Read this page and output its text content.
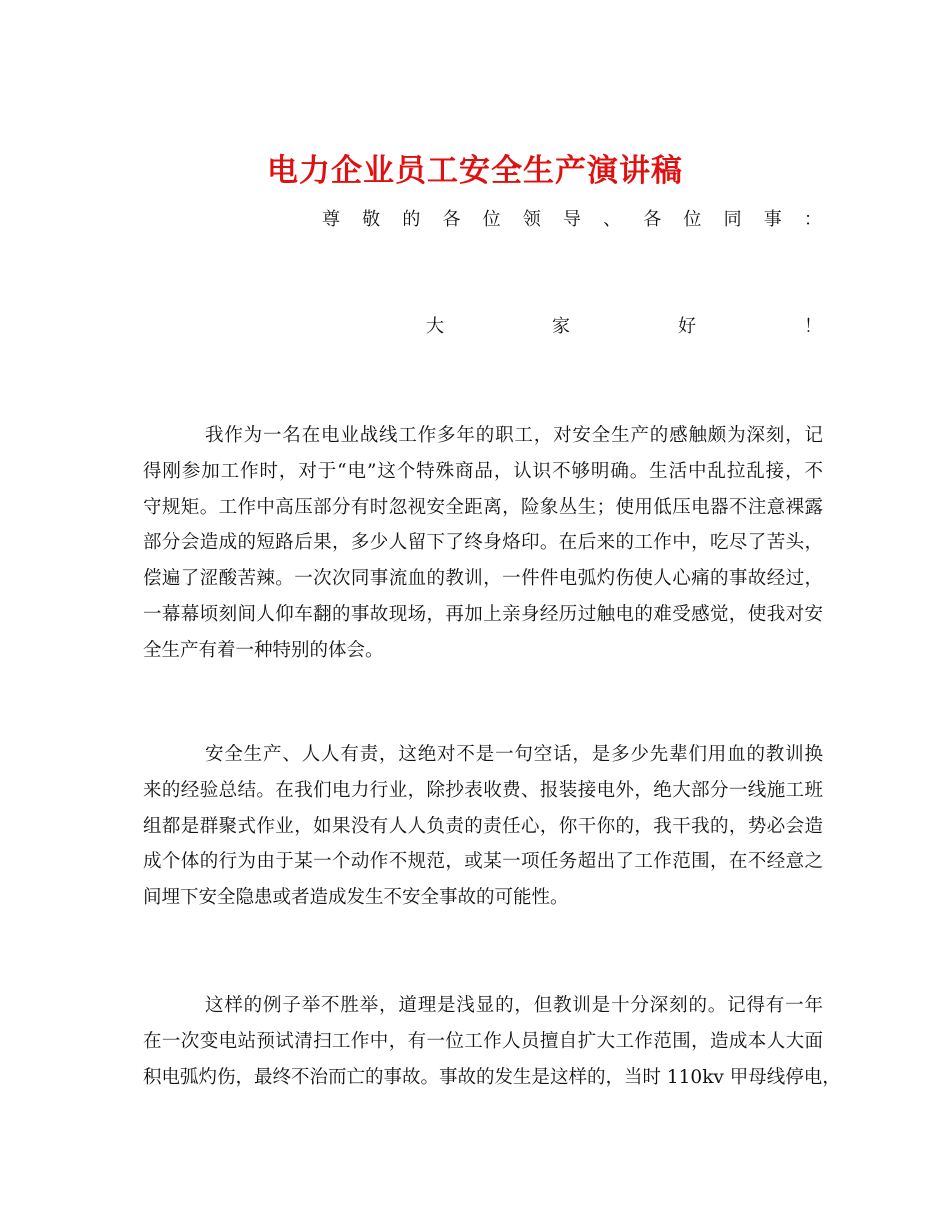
电力企业员工安全生产演讲稿
尊 敬 的 各 位 领 导 、 各 位 同 事 ：
大	家	好	！

我作为一名在电业战线工作多年的职工，对安全生产的感触颇为深刻，记
得刚参加工作时，对于“电”这个特殊商品，认识不够明确。生活中乱拉乱接，不
守规矩。工作中高压部分有时忽视安全距离，险象丛生；使用低压电器不注意裸露
部分会造成的短路后果，多少人留下了终身烙印。在后来的工作中，吃尽了苦头，
偿遍了涩酸苦辣。一次次同事流血的教训，一件件电弧灼伤使人心痛的事故经过，
一幕幕顷刻间人仰车翻的事故现场，再加上亲身经历过触电的难受感觉，使我对安
全生产有着一种特别的体会。

安全生产、人人有责，这绝对不是一句空话，是多少先辈们用血的教训换
来的经验总结。在我们电力行业，除抄表收费、报装接电外，绝大部分一线施工班
组都是群聚式作业，如果没有人人负责的责任心，你干你的，我干我的，势必会造
成个体的行为由于某一个动作不规范，或某一项任务超出了工作范围，在不经意之
间埋下安全隐患或者造成发生不安全事故的可能性。

这样的例子举不胜举，道理是浅显的，但教训是十分深刻的。记得有一年
在一次变电站预试清扫工作中，有一位工作人员擅自扩大工作范围，造成本人大面
积电弧灼伤，最终不治而亡的事故。事故的发生是这样的，当时 110kv 甲母线停电，
